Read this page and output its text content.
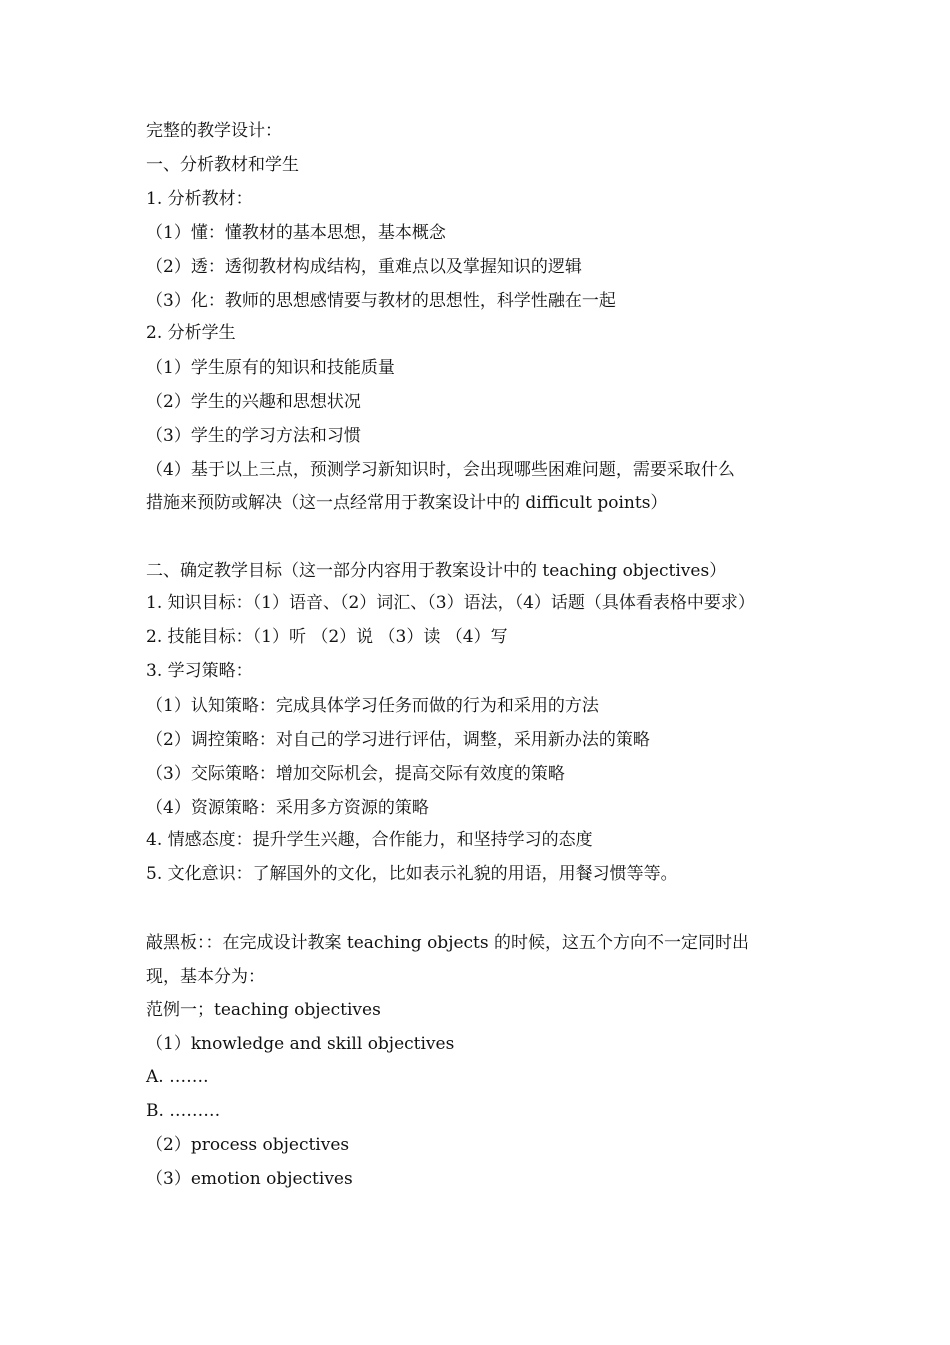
完整的教学设计：
一、分析教材和学生
1. 分析教材：
（1）懂：懂教材的基本思想，基本概念
（2）透：透彻教材构成结构，重难点以及掌握知识的逻辑
（3）化：教师的思想感情要与教材的思想性，科学性融在一起
2. 分析学生
（1）学生原有的知识和技能质量
（2）学生的兴趣和思想状况
（3）学生的学习方法和习惯
（4）基于以上三点，预测学习新知识时，会出现哪些困难问题，需要采取什么
措施来预防或解决（这一点经常用于教案设计中的 difficult points）
二、确定教学目标（这一部分内容用于教案设计中的 teaching objectives）
1. 知识目标：（1）语音、（2）词汇、（3）语法，（4）话题（具体看表格中要求）
2. 技能目标：（1）听 （2）说 （3）读 （4）写
3. 学习策略：
（1）认知策略：完成具体学习任务而做的行为和采用的方法
（2）调控策略：对自己的学习进行评估，调整，采用新办法的策略
（3）交际策略：增加交际机会，提高交际有效度的策略
（4）资源策略：采用多方资源的策略
4. 情感态度：提升学生兴趣，合作能力，和坚持学习的态度
5. 文化意识：了解国外的文化，比如表示礼貌的用语，用餐习惯等等。
敲黑板：：在完成设计教案 teaching objects 的时候，这五个方向不一定同时出
现，基本分为：
范例一；teaching objectives
（1）knowledge and skill objectives
A. …….
B. ………
（2）process objectives
（3）emotion objectives
